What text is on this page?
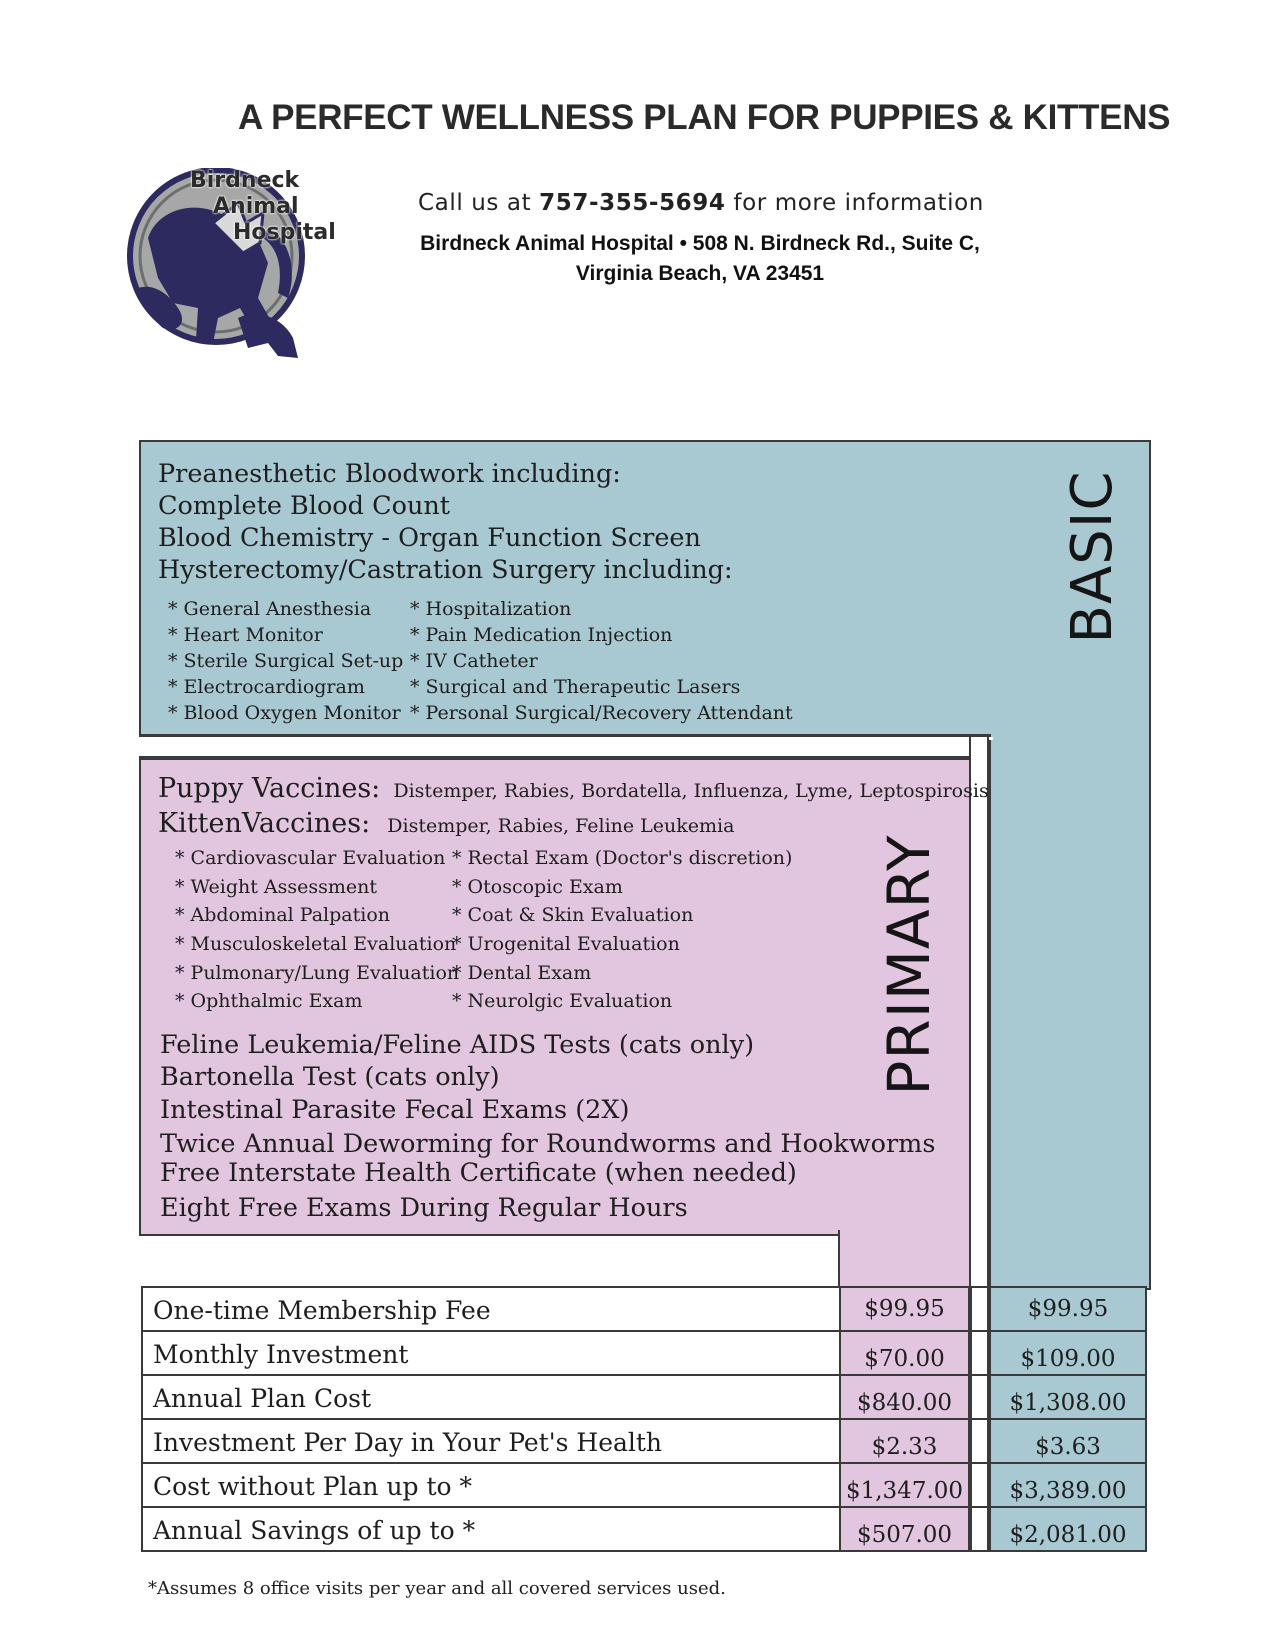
A PERFECT WELLNESS PLAN FOR PUPPIES & KITTENS
Birdneck
Animal
Hospital
Call us at 757-355-5694 for more information
Birdneck Animal Hospital • 508 N. Birdneck Rd., Suite C,
Virginia Beach, VA 23451
BASIC
Preanesthetic Bloodwork including:
Complete Blood Count
Blood Chemistry - Organ Function Screen
Hysterectomy/Castration Surgery including:
* General Anesthesia
* Heart Monitor
* Sterile Surgical Set-up
* Electrocardiogram
* Blood Oxygen Monitor
* Hospitalization
* Pain Medication Injection
* IV Catheter
* Surgical and Therapeutic Lasers
* Personal Surgical/Recovery Attendant
PRIMARY
Puppy Vaccines: Distemper, Rabies, Bordatella, Influenza, Lyme, Leptospirosis
KittenVaccines: Distemper, Rabies, Feline Leukemia
* Cardiovascular Evaluation
* Weight Assessment
* Abdominal Palpation
* Musculoskeletal Evaluation
* Pulmonary/Lung Evaluation
* Ophthalmic Exam
* Rectal Exam (Doctor's discretion)
* Otoscopic Exam
* Coat & Skin Evaluation
* Urogenital Evaluation
* Dental Exam
* Neurolgic Evaluation
Feline Leukemia/Feline AIDS Tests (cats only)
Bartonella Test (cats only)
Intestinal Parasite Fecal Exams (2X)
Twice Annual Deworming for Roundworms and Hookworms
Free Interstate Health Certificate (when needed)
Eight Free Exams During Regular Hours
One-time Membership Fee	$99.95	$99.95
Monthly Investment	$70.00	$109.00
Annual Plan Cost	$840.00	$1,308.00
Investment Per Day in Your Pet's Health	$2.33	$3.63
Cost without Plan up to *	$1,347.00	$3,389.00
Annual Savings of up to *	$507.00	$2,081.00
*Assumes 8 office visits per year and all covered services used.
